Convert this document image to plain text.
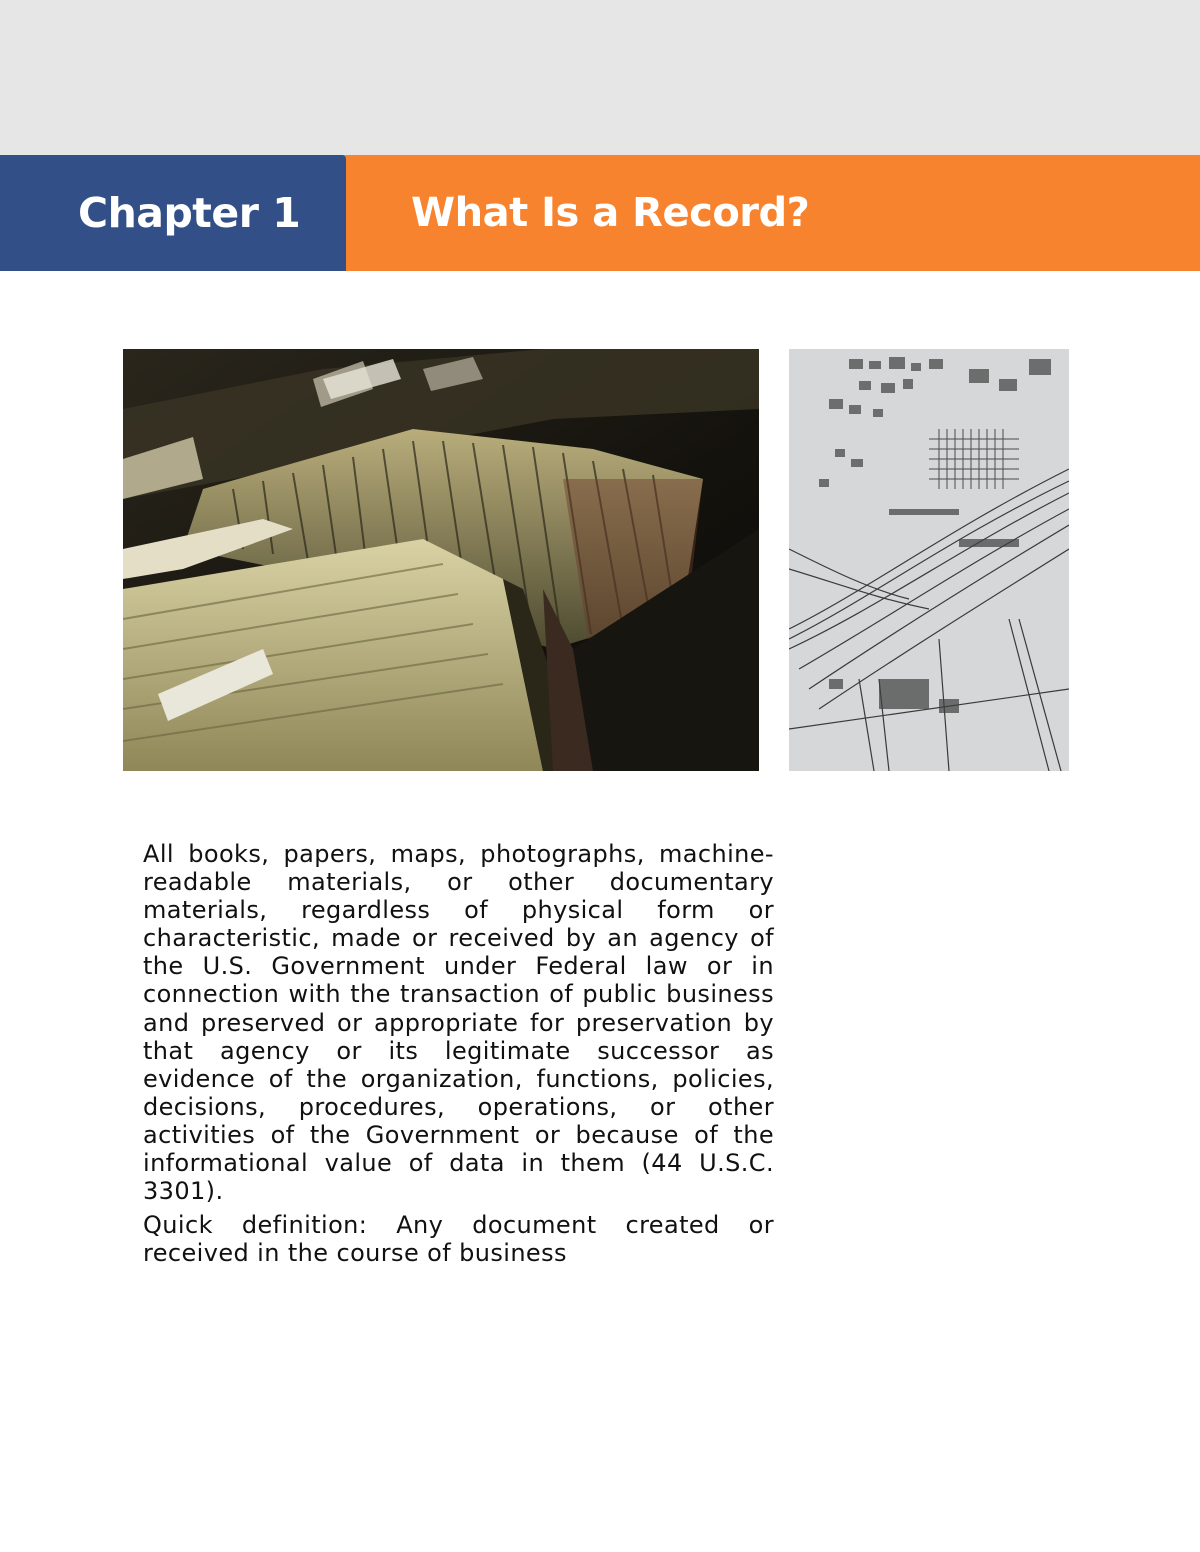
Chapter 1	What Is a Record?

All books, papers, maps, photographs, machine-readable materials, or other documentary materials, regardless of physical form or characteristic, made or received by an agency of the U.S. Government under Federal law or in connection with the transaction of public business and preserved or appropriate for preservation by that agency or its legitimate successor as evidence of the organization, functions, policies, decisions, procedures, operations, or other activities of the Government or because of the informational value of data in them (44 U.S.C. 3301).

Quick definition: Any document created or received in the course of business
